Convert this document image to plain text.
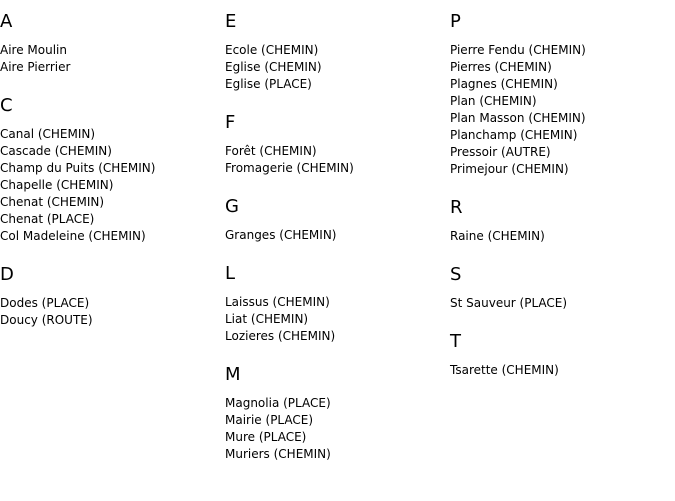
A
Aire Moulin
Aire Pierrier
C
Canal (CHEMIN)
Cascade (CHEMIN)
Champ du Puits (CHEMIN)
Chapelle (CHEMIN)
Chenat (CHEMIN)
Chenat (PLACE)
Col Madeleine (CHEMIN)
D
Dodes (PLACE)
Doucy (ROUTE)
E
Ecole (CHEMIN)
Eglise (CHEMIN)
Eglise (PLACE)
F
Forêt (CHEMIN)
Fromagerie (CHEMIN)
G
Granges (CHEMIN)
L
Laissus (CHEMIN)
Liat (CHEMIN)
Lozieres (CHEMIN)
M
Magnolia (PLACE)
Mairie (PLACE)
Mure (PLACE)
Muriers (CHEMIN)
P
Pierre Fendu (CHEMIN)
Pierres (CHEMIN)
Plagnes (CHEMIN)
Plan (CHEMIN)
Plan Masson (CHEMIN)
Planchamp (CHEMIN)
Pressoir (AUTRE)
Primejour (CHEMIN)
R
Raine (CHEMIN)
S
St Sauveur (PLACE)
T
Tsarette (CHEMIN)
